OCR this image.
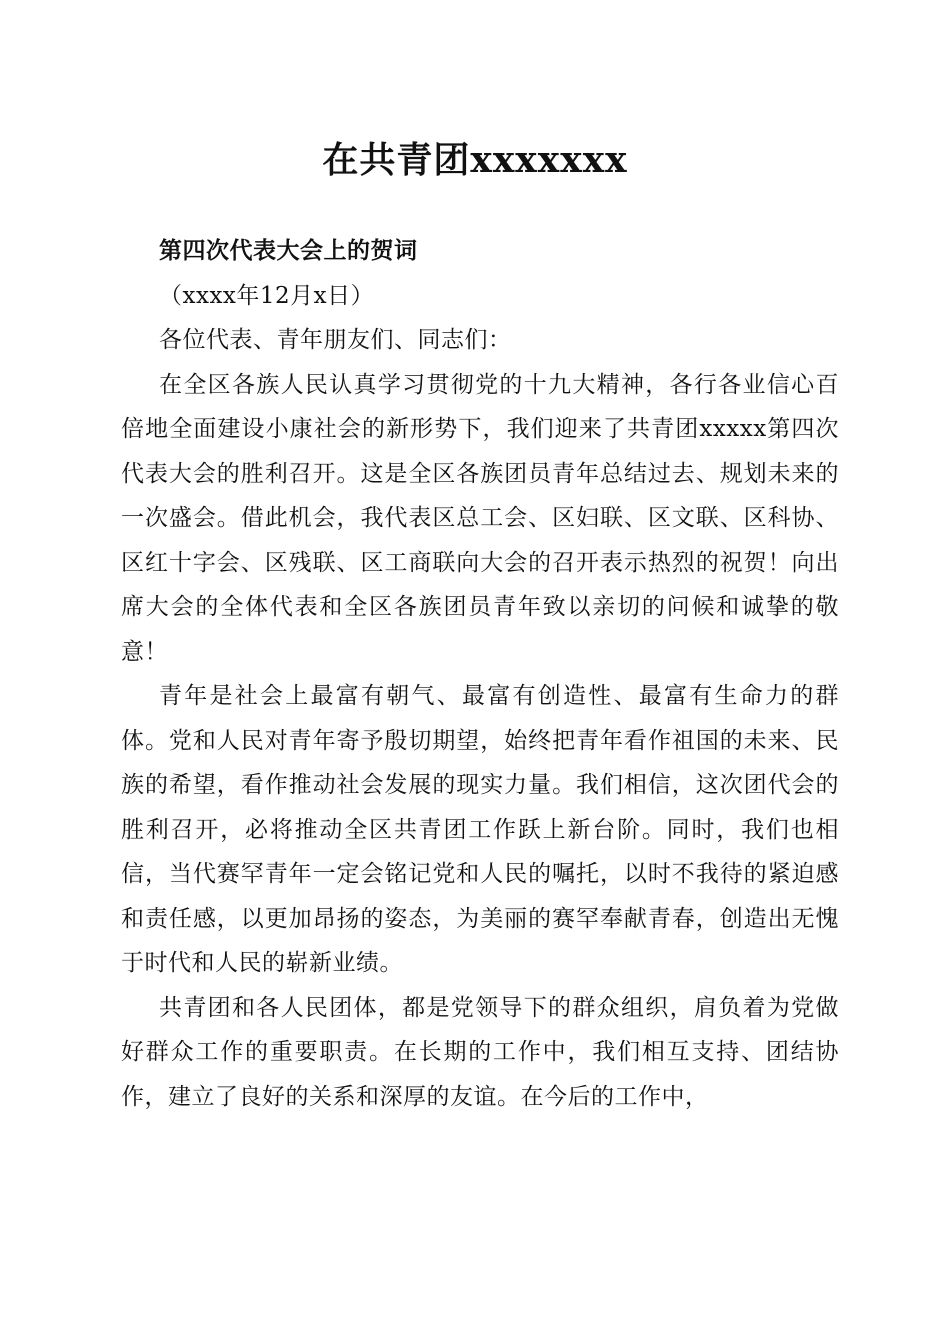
在共青团xxxxxxx

第四次代表大会上的贺词

（xxxx年12月x日）

各位代表、青年朋友们、同志们：

在全区各族人民认真学习贯彻党的十九大精神，各行各业信心百倍地全面建设小康社会的新形势下，我们迎来了共青团xxxxx第四次代表大会的胜利召开。这是全区各族团员青年总结过去、规划未来的一次盛会。借此机会，我代表区总工会、区妇联、区文联、区科协、区红十字会、区残联、区工商联向大会的召开表示热烈的祝贺！向出席大会的全体代表和全区各族团员青年致以亲切的问候和诚挚的敬意！

青年是社会上最富有朝气、最富有创造性、最富有生命力的群体。党和人民对青年寄予殷切期望，始终把青年看作祖国的未来、民族的希望，看作推动社会发展的现实力量。我们相信，这次团代会的胜利召开，必将推动全区共青团工作跃上新台阶。同时，我们也相信，当代赛罕青年一定会铭记党和人民的嘱托，以时不我待的紧迫感和责任感，以更加昂扬的姿态，为美丽的赛罕奉献青春，创造出无愧于时代和人民的崭新业绩。

共青团和各人民团体，都是党领导下的群众组织，肩负着为党做好群众工作的重要职责。在长期的工作中，我们相互支持、团结协作，建立了良好的关系和深厚的友谊。在今后的工作中，
